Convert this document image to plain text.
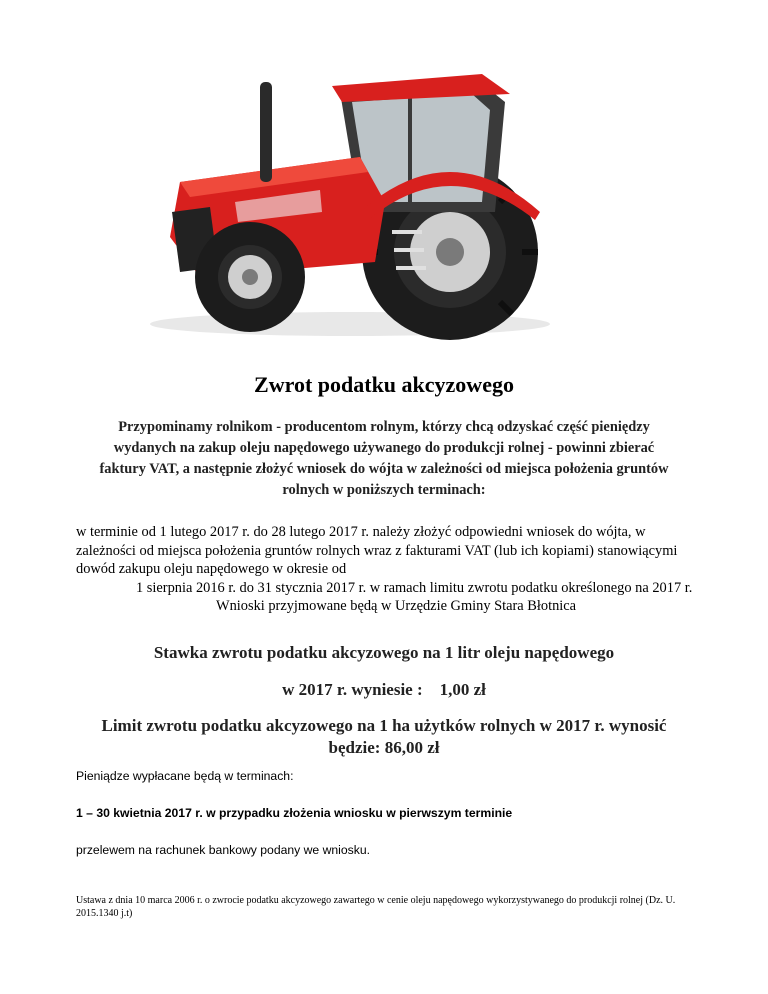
Zwrot podatku akcyzowego
Przypominamy rolnikom - producentom rolnym, którzy chcą odzyskać część pieniędzy wydanych na zakup oleju napędowego używanego do produkcji rolnej - powinni zbierać faktury VAT, a następnie złożyć wniosek do wójta w zależności od miejsca położenia gruntów rolnych w poniższych terminach:
w terminie od 1 lutego 2017 r. do 28 lutego 2017 r. należy złożyć odpowiedni wniosek do wójta, w zależności od miejsca położenia gruntów rolnych wraz z fakturami VAT (lub ich kopiami) stanowiącymi dowód zakupu oleju napędowego w okresie od
1 sierpnia 2016 r. do 31 stycznia 2017 r. w ramach limitu zwrotu podatku określonego na 2017 r.
Wnioski przyjmowane będą w Urzędzie Gminy Stara Błotnica
Stawka zwrotu podatku akcyzowego na 1 litr oleju napędowego
w 2017 r. wyniesie :    1,00 zł
Limit zwrotu podatku akcyzowego na 1 ha użytków rolnych w 2017 r. wynosić będzie: 86,00 zł
Pieniądze wypłacane będą w terminach:
1 – 30 kwietnia 2017 r. w przypadku złożenia wniosku w pierwszym terminie
przelewem na rachunek bankowy podany we wniosku.
Ustawa z dnia 10 marca 2006 r. o zwrocie podatku akcyzowego zawartego w cenie oleju napędowego wykorzystywanego do produkcji rolnej (Dz. U. 2015.1340 j.t)
